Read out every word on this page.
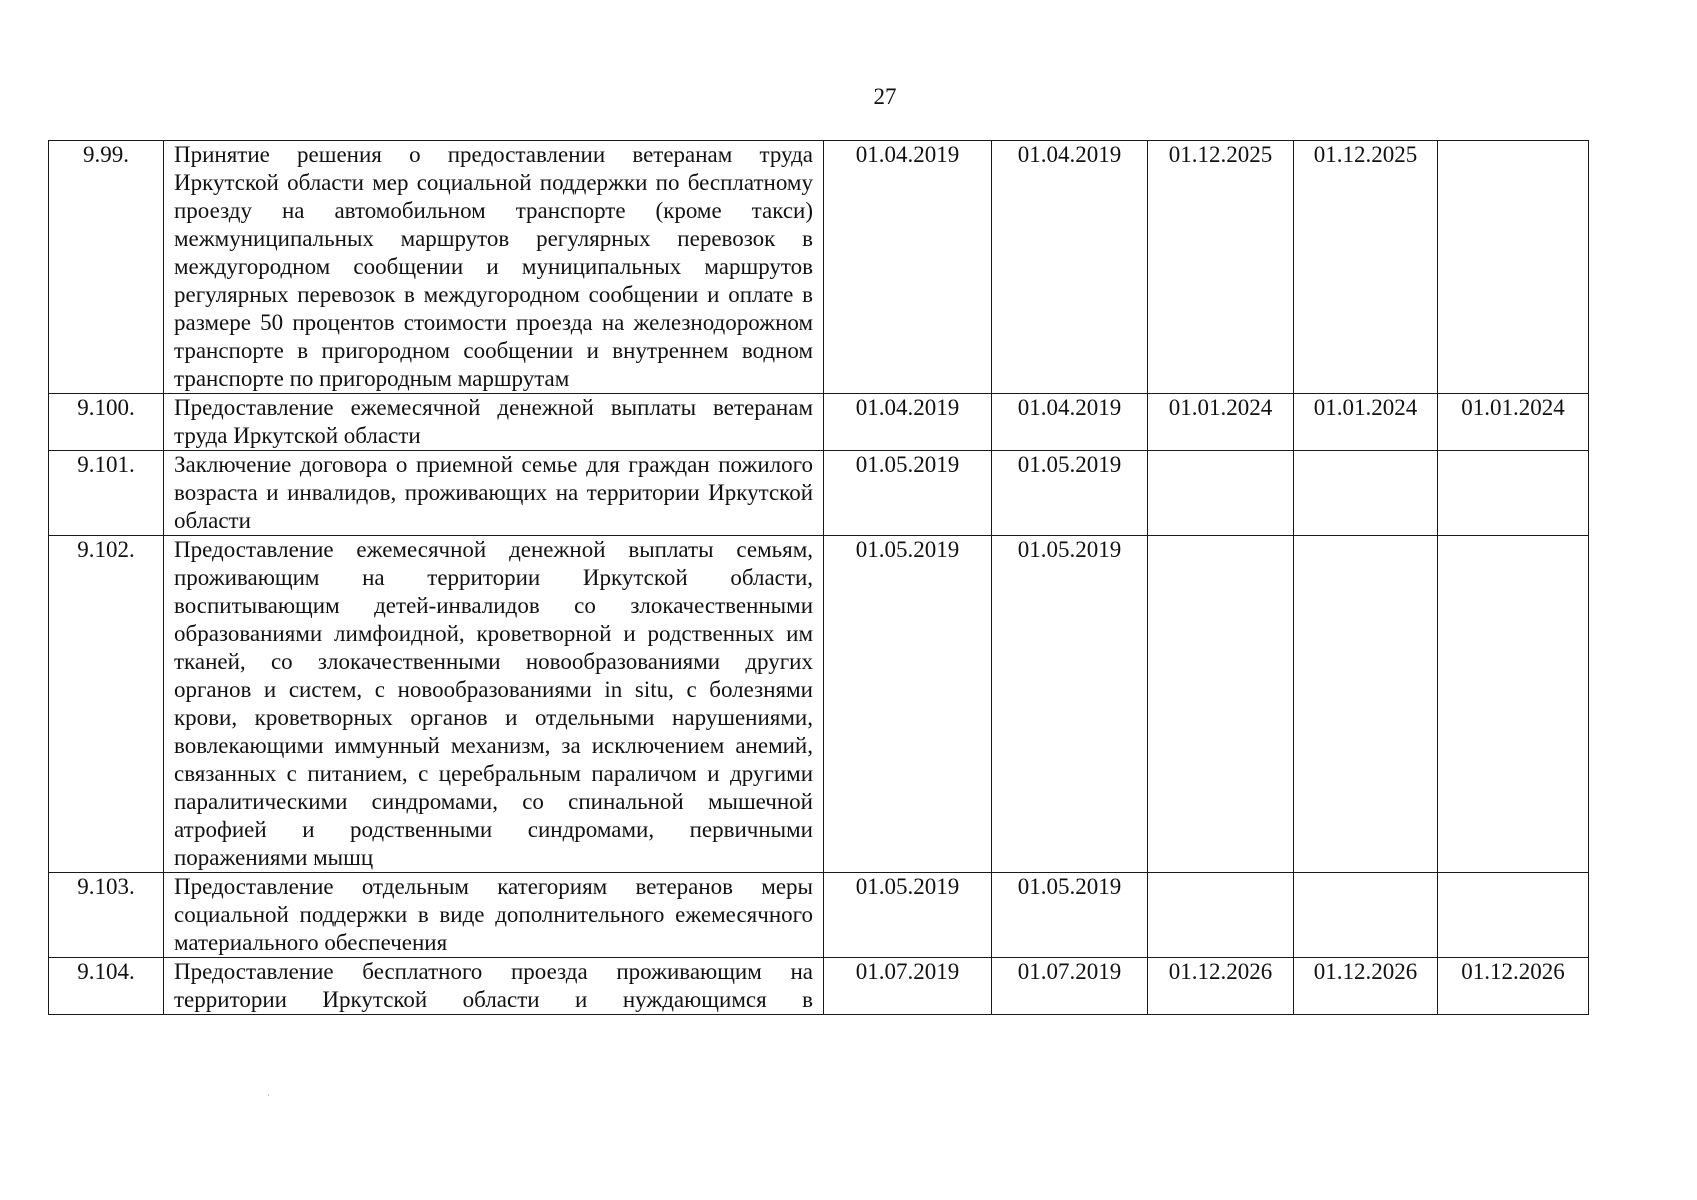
27
9.99.	Принятие решения о предоставлении ветеранам труда Иркутской области мер социальной поддержки по бесплатному проезду на автомобильном транспорте (кроме такси) межмуниципальных маршрутов регулярных перевозок в междугородном сообщении и муниципальных маршрутов регулярных перевозок в междугородном сообщении и оплате в размере 50 процентов стоимости проезда на железнодорожном транспорте в пригородном сообщении и внутреннем водном транспорте по пригородным маршрутам	01.04.2019	01.04.2019	01.12.2025	01.12.2025	
9.100.	Предоставление ежемесячной денежной выплаты ветеранам труда Иркутской области	01.04.2019	01.04.2019	01.01.2024	01.01.2024	01.01.2024
9.101.	Заключение договора о приемной семье для граждан пожилого возраста и инвалидов, проживающих на территории Иркутской области	01.05.2019	01.05.2019			
9.102.	Предоставление ежемесячной денежной выплаты семьям, проживающим на территории Иркутской области, воспитывающим детей-инвалидов со злокачественными образованиями лимфоидной, кроветворной и родственных им тканей, со злокачественными новообразованиями других органов и систем, с новообразованиями in situ, с болезнями крови, кроветворных органов и отдельными нарушениями, вовлекающими иммунный механизм, за исключением анемий, связанных с питанием, с церебральным параличом и другими паралитическими синдромами, со спинальной мышечной атрофией и родственными синдромами, первичными поражениями мышц	01.05.2019	01.05.2019			
9.103.	Предоставление отдельным категориям ветеранов меры социальной поддержки в виде дополнительного ежемесячного материального обеспечения	01.05.2019	01.05.2019			
9.104.	Предоставление бесплатного проезда проживающим на территории Иркутской области и нуждающимся в	01.07.2019	01.07.2019	01.12.2026	01.12.2026	01.12.2026
